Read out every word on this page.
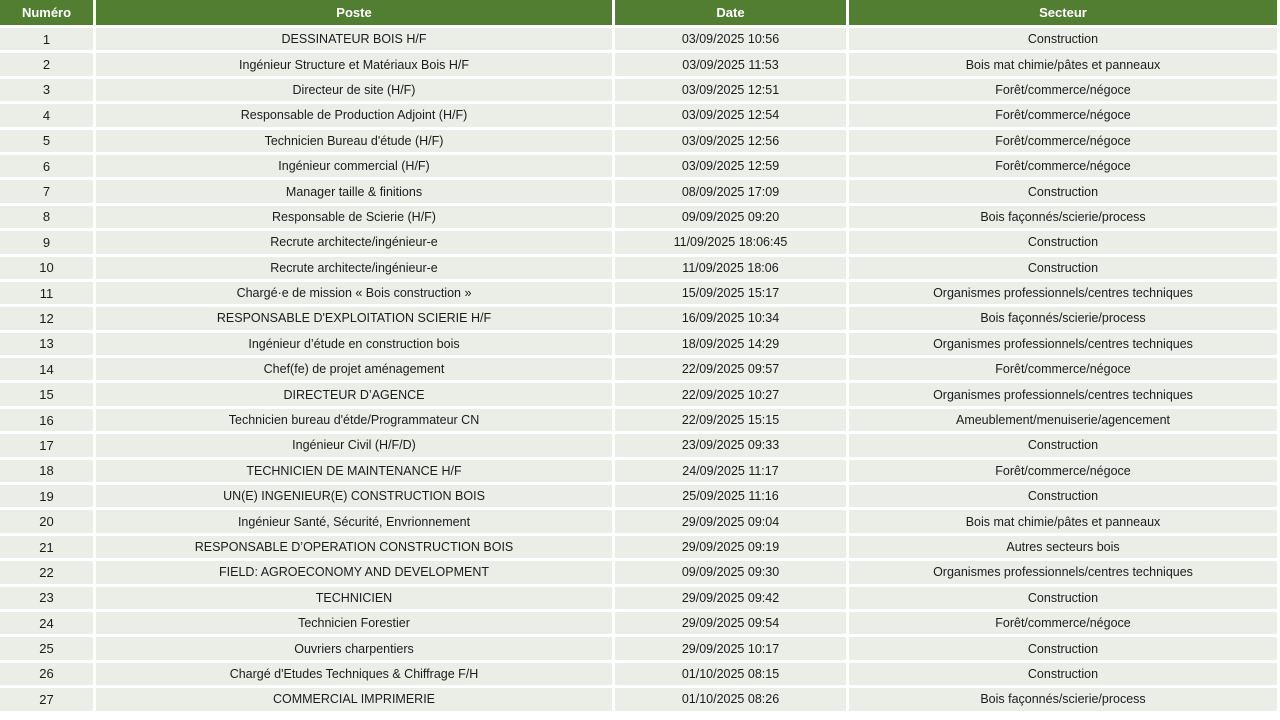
Numéro	Poste	Date	Secteur
1	DESSINATEUR BOIS H/F	03/09/2025 10:56	Construction
2	Ingénieur Structure et Matériaux Bois H/F	03/09/2025 11:53	Bois mat chimie/pâtes et panneaux
3	Directeur de site (H/F)	03/09/2025 12:51	Forêt/commerce/négoce
4	Responsable de Production Adjoint (H/F)	03/09/2025 12:54	Forêt/commerce/négoce
5	Technicien Bureau d'étude (H/F)	03/09/2025 12:56	Forêt/commerce/négoce
6	Ingénieur commercial (H/F)	03/09/2025 12:59	Forêt/commerce/négoce
7	Manager taille & finitions	08/09/2025 17:09	Construction
8	Responsable de Scierie (H/F)	09/09/2025 09:20	Bois façonnés/scierie/process
9	Recrute architecte/ingénieur-e	11/09/2025 18:06:45	Construction
10	Recrute architecte/ingénieur-e	11/09/2025 18:06	Construction
11	Chargé·e de mission « Bois construction »	15/09/2025 15:17	Organismes professionnels/centres techniques
12	RESPONSABLE D'EXPLOITATION SCIERIE H/F	16/09/2025 10:34	Bois façonnés/scierie/process
13	Ingénieur d’étude en construction bois	18/09/2025 14:29	Organismes professionnels/centres techniques
14	Chef(fe) de projet aménagement	22/09/2025 09:57	Forêt/commerce/négoce
15	DIRECTEUR D’AGENCE	22/09/2025 10:27	Organismes professionnels/centres techniques
16	Technicien bureau d'étde/Programmateur CN	22/09/2025 15:15	Ameublement/menuiserie/agencement
17	Ingénieur Civil (H/F/D)	23/09/2025 09:33	Construction
18	TECHNICIEN DE MAINTENANCE H/F	24/09/2025 11:17	Forêt/commerce/négoce
19	UN(E) INGENIEUR(E) CONSTRUCTION BOIS	25/09/2025 11:16	Construction
20	Ingénieur Santé, Sécurité, Envrionnement	29/09/2025 09:04	Bois mat chimie/pâtes et panneaux
21	RESPONSABLE D’OPERATION CONSTRUCTION BOIS	29/09/2025 09:19	Autres secteurs bois
22	FIELD: AGROECONOMY AND DEVELOPMENT	09/09/2025 09:30	Organismes professionnels/centres techniques
23	TECHNICIEN	29/09/2025 09:42	Construction
24	Technicien Forestier	29/09/2025 09:54	Forêt/commerce/négoce
25	Ouvriers charpentiers	29/09/2025 10:17	Construction
26	Chargé d'Etudes Techniques & Chiffrage F/H	01/10/2025 08:15	Construction
27	COMMERCIAL IMPRIMERIE	01/10/2025 08:26	Bois façonnés/scierie/process
